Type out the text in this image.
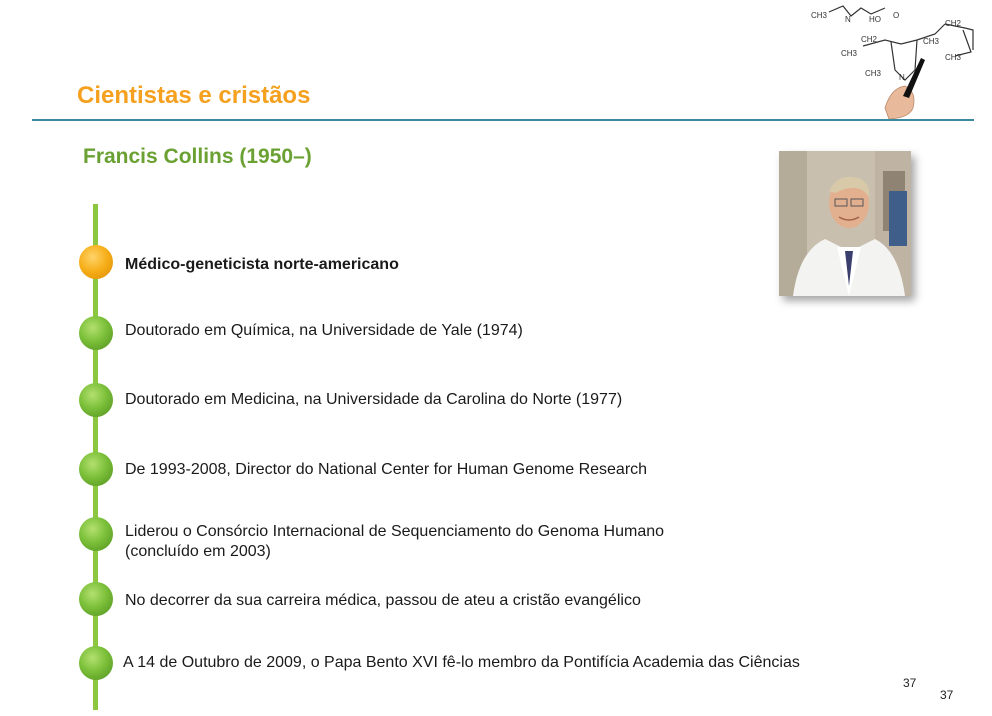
CH3 N HO O
CH2
CH2	CH3
CH3	CH3
CH3 N
Cientistas e cristãos
Francis Collins (1950–)

Médico-geneticista norte-americano

Doutorado em Química, na Universidade de Yale (1974)

Doutorado em Medicina, na Universidade da Carolina do Norte (1977)

De 1993-2008, Director do National Center for Human Genome Research

Liderou o Consórcio Internacional de Sequenciamento do Genoma Humano
(concluído em 2003)

No decorrer da sua carreira médica, passou de ateu a cristão evangélico

A 14 de Outubro de 2009, o Papa Bento XVI fê-lo membro da Pontifícia Academia das Ciências

37
37
